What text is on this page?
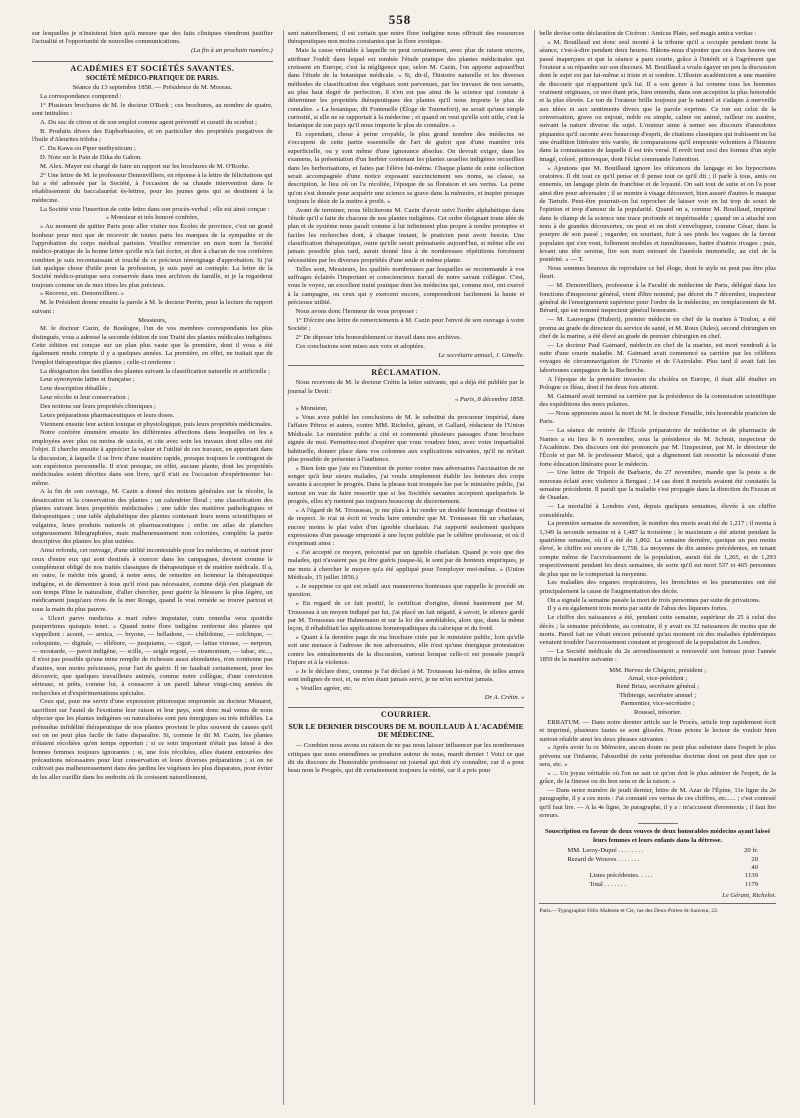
558

sur lesquelles je n'insisterai bien qu'à mesure que des faits cliniques viendront justifier l'actualité et l'opportunité de nouvelles communications.

(La fin à un prochain numéro.)

ACADÉMIES ET SOCIÉTÉS SAVANTES.
SOCIÉTÉ MÉDICO-PRATIQUE DE PARIS.

Séance du 13 septembre 1858. — Présidence de M. Moreau.

La correspondance comprend :

1° Plusieurs brochures de M. le docteur O'Rork ; ces brochures, au nombre de quatre, sont intitulées :

A. Du suc de citron et de son emploi comme agent préventif et curatif du scorbut ;

B. Produits divers des Euphorbiacées, et en particulier des propriétés purgatives de l'huile d'Aleurites triloba ;

C. Du Kawa ou Piper methysticum ;

D. Note sur le Pain de Dika du Gabon.

M. Alex. Mayer est chargé de faire un rapport sur les brochures de M. O'Rorke.

2° Une lettre de M. le professeur Denonvilliers, en réponse à la lettre de félicitations qui lui a été adressée par la Société, à l'occasion de sa chaude intervention dans le rétablissement du baccalauréat ès-lettres, pour les jeunes gens qui se destinent à la médecine.

La Société vote l'insertion de cette lettre dans son procès-verbal ; elle est ainsi conçue :

« Monsieur et très honoré confrère,

» Au moment de quitter Paris pour aller visiter nos Écoles de province, c'est un grand bonheur pour moi que de recevoir de toutes parts les marques de la sympathie et de l'approbation du corps médical parisien. Veuillez remercier en mon nom la Société médico-pratique de la bonne lettre qu'elle m'a fait écrire, et dire à chacun de vos confrères combien je suis reconnaissant et touché de ce précieux témoignage d'approbation. Si j'ai fait quelque chose d'utile pour la profession, je suis payé au centuple. La lettre de la Société médico-pratique sera conservée dans mes archives de famille, et je la regarderai toujours comme un de mes titres les plus précieux.

» Recevez, etc. Denonvilliers. »

M. le Président donne ensuite la parole à M. le docteur Perrin, pour la lecture du rapport suivant :

Messieurs,

M. le docteur Cazin, de Boulogne, l'un de vos membres correspondants les plus distingués, vous a adressé la seconde édition de son Traité des plantes médicales indigènes. Cette édition est conçue sur un plan plus vaste que la première, dont il vous a été également rendu compte il y a quelques années. La première, en effet, ne traitait que de l'emploi thérapeutique des plantes ; celle-ci renferme :

La désignation des familles des plantes suivant la classification naturelle et artificielle ;

Leur synonymie latine et française ;

Leur description détaillée ;

Leur récolte et leur conservation ;

Des notions sur leurs propriétés chimiques ;

Leurs préparations pharmaceutiques et leurs doses.

Viennent ensuite leur action toxique et physiologique, puis leurs propriétés médicinales.

Notre confrère énumère ensuite les différentes affections dans lesquelles on les a employées avec plus ou moins de succès, et cite avec soin les travaux dont elles ont été l'objet. Il cherche ensuite à apprécier la valeur et l'utilité de ces travaux, en apportant dans la discussion, à laquelle il se livre d'une manière rapide, presque toujours le contingent de son expérience personnelle. Il n'est presque, en effet, aucune plante, dont les propriétés médicinales soient décrites dans son livre, qu'il n'ait eu l'occasion d'expérimenter lui-même.

A la fin de son ouvrage, M. Cazin a donné des notions générales sur la récolte, la dessiccation et la conservation des plantes ; un calendrier floral ; une classification des plantes suivant leurs propriétés médicinales ; une table des matières pathologiques et thérapeutiques ; une table alphabétique des plantes contenant leurs noms scientifiques et vulgaires, leurs produits naturels et pharmaceutiques ; enfin un atlas de planches soigneusement lithographiées, mais malheureusement non coloriées, complète la partie descriptive des plantes les plus usitées.

Ainsi refondu, cet ouvrage, d'une utilité incontestable pour les médecins, et surtout pour ceux d'entre eux qui sont destinés à exercer dans les campagnes, devient comme le complément obligé de nos traités classiques de thérapeutique et de matière médicale. Il a, en outre, le mérite très grand, à notre sens, de remettre en honneur la thérapeutique indigène, et de démontrer à tous qu'il n'est pas nécessaire, comme déjà s'en plaignait de son temps Pline le naturaliste, d'aller chercher, pour guérir la blessure la plus légère, un médicament jusqu'aux rives de la mer Rouge, quand le vrai remède se trouve partout et sous la main du plus pauvre.

« Ulceri parvo medicina a mari rubro imputatur, cum remedia vera quotidie pauperrimus quisquis tenet. » Quand notre flore indigène renferme des plantes qui s'appellent : aconit, — arnica, — bryone, — belladone, — chélidoine, — colchique, — coloquinte, — digitale, — ellébore, — jusquiame, — ciguë, — laitue vireuse, — nerprun, — moutarde, — pavot indigène, — scille, — seigle ergoté, — stramonium, — tabac, etc..., il n'est pas possible qu'une mine remplie de richesses aussi abondantes, n'en contienne pas d'autres, non moins précieuses, pour l'art de guérir. Il ne faudrait certainement, pour les découvrir, que quelques travailleurs animés, comme notre collègue, d'une conviction sérieuse, et prêts, comme lui, à consacrer à un pareil labeur vingt-cinq années de recherches et d'expérimentations spéciales.

Ceux qui, pour me servir d'une expression pittoresque empruntée au docteur Munaret, sacrifient sur l'autel de l'exotisme leur raison et leur pays, sont donc mal venus de nous objecter que les plantes indigènes ou naturalisées sont peu énergiques ou très infidèles. La prétendue infidélité thérapeutique de nos plantes provient le plus souvent de causes qu'il est on ne peut plus facile de faire disparaître. Si, comme le dit M. Cazin, les plantes n'étaient récoltées qu'en temps opportun ; si ce soin important n'était pas laissé à des bonnes femmes toujours ignorantes ; si, une fois récoltées, elles étaient entourées des précautions nécessaires pour leur conservation et leurs diverses préparations ; si on ne cultivait pas malheureusement dans des jardins les végétaux les plus disparates, pour éviter de les aller cueillir dans les endroits où ils croissent naturellement,

sent naturellement, il est certain que notre flore indigène nous offrirait des ressources thérapeutiques non moins constantes que la flore exotique.

Mais la cause véritable à laquelle on peut certainement, avec plus de raison encore, attribuer l'oubli dans lequel est tombée l'étude pratique des plantes médicinales qui croissent en Europe, c'est la négligence que, selon M. Cazin, l'on apporte aujourd'hui dans l'étude de la botanique médicale. « Si, dit-il, l'histoire naturelle et les diverses méthodes de classification des végétaux sont parvenues, par les travaux de nos savants, au plus haut degré de perfection, il n'en est pas ainsi de la science qui consiste à déterminer les propriétés thérapeutiques des plantes qu'il nous importe le plus de connaître. » La botanique, dit Fontenelle (Éloge de Tournefort), ne serait qu'une simple curiosité, si elle ne se rapportait à la médecine ; et quand on veut qu'elle soit utile, c'est la botanique de son pays qu'il nous importe le plus de connaître. »

Et cependant, chose à peine croyable, le plus grand nombre des médecins ne s'occupent de cette partie essentielle de l'art de guérir que d'une manière très superficielle, ou y sont même d'une ignorance absolue. On devrait exiger, dans les examens, la présentation d'un herbier contenant les plantes usuelles indigènes recueillies dans les herborisations, et faites par l'élève lui-même. Chaque plante de cette collection serait accompagnée d'une notice exposant succinctement ses noms, sa classe, sa description, le lieu où on l'a récoltée, l'époque de sa floraison et ses vertus. La peine qu'on s'est donnée pour acquérir une science se grave dans la mémoire, et inspire presque toujours le désir de la mettre à profit. »

Avant de terminer, nous féliciterons M. Cazin d'avoir suivi l'ordre alphabétique dans l'étude qu'il a faite de chacune de nos plantes indigènes. Cet ordre éloignant toute idée de plan et de système nous paraît comme à lui infiniment plus propre à rendre promptes et faciles les recherches dont, à chaque instant, le praticien peut avoir besoin. Une classification thérapeutique, outre qu'elle serait prématurée aujourd'hui, si même elle est jamais possible plus tard, aurait donné lieu à de nombreuses répétitions forcément nécessitées par les diverses propriétés d'une seule et même plante.

Telles sont, Messieurs, les qualités nombreuses par lesquelles se recommande à vos suffrages éclairés l'important et consciencieux travail de notre savant collègue. C'est, vous le voyez, un excellent traité pratique dont les médecins qui, comme moi, ont exercé à la campagne, ou ceux qui y exercent encore, comprendront facilement la haute et précieuse utilité.

Nous avons donc l'honneur de vous proposer :

1° D'écrire une lettre de remerciements à M. Cazin pour l'envoi de son ouvrage à votre Société ;

2° De déposer très honorablement ce travail dans nos archives.

Ces conclusions sont mises aux voix et adoptées.

Le secrétaire annuel, J. Gimelle.

RÉCLAMATION.

Nous recevons de M. le docteur Crétin la lettre suivante, qui a déjà été publiée par le journal le Droit :

« Paris, 8 décembre 1858.

» Monsieur,

» Vous avez publié les conclusions de M. le substitut du procureur impérial, dans l'affaire Pétroz et autres, contre MM. Richelot, gérant, et Gallard, rédacteur de l'Union Médicale. Le ministère public a cité et commenté plusieurs passages d'une brochure signée de moi. Permettez-moi d'espérer que vous voudrez bien, avec votre impartialité habituelle, donner place dans vos colonnes aux explications suivantes, qu'il ne m'était plus possible de présenter à l'audience.

» Bien loin que j'aie eu l'intention de porter contre mes adversaires l'accusation de ne songer qu'à leur sieurs malades, j'ai voulu simplement établir les lenteurs des corps savants à accepter le progrès. Dans la phrase tout tronquée lue par le ministère public, j'ai surtout en vue de faire ressortir que si les Sociétés savantes acceptent quelquefois le progrès, elles n'y mettent pas toujours beaucoup de discernement.

» A l'égard de M. Trousseau, je me plais à lui rendre un double hommage d'estime et de respect. Je n'ai ni écrit ni voulu faire entendre que M. Trousseau fût un charlatan, encore moins le plat valet d'un ignoble charlatan. J'ai rapporté seulement quelques expressions d'un passage emprunté à une leçon publiée par le célèbre professeur, et où il s'exprimait ainsi :

« J'ai accepté ce moyen, préconisé par un ignoble charlatan. Quand je vois que des malades, qui n'avaient pas pu être guéris jusque-là, le sont par de honteux empiriques, je me mets à chercher le moyen qu'a été appliqué pour l'employer moi-même. » (Union Médicale, 15 juillet 1856.)

» Je supprime ce qui est relatif aux manœuvres honteuses que rappelle le procédé en question.

» En regard de ce fait positif, le certificat d'origine, donné hautement par M. Trousseau à un moyen indiqué par lui, j'ai placé un fait négatif, à savoir, le silence gardé par M. Trousseau sur Hahnemann et sur la loi des semblables, alors que, dans la même leçon, il réhabilitait les applications homœopathiques du calorique et du froid.

» Quant à la dernière page de ma brochure citée par le ministère public, loin qu'elle soit une menace à l'adresse de nos adversaires, elle n'est qu'une énergique protestation contre les entraînements de la discussion, surtout lorsque celle-ci est poussée jusqu'à l'injure et à la violence.

» Je le déclare donc, comme je l'ai déclaré à M. Trousseau lui-même, de telles armes sont indignes de moi, et, ne m'en étant jamais servi, je ne m'en servirai jamais.

» Veuillez agréer, etc.

Dr A. Crétin. »

COURRIER.
SUR LE DERNIER DISCOURS DE M. BOUILLAUD À L'ACADÉMIE DE MÉDECINE.

— Combien nous avons eu raison de ne pas nous laisser influencer par les nombreuses critiques que nous entendîmes se produire autour de nous, mardi dernier ! Voici ce que dit du discours de l'honorable professeur un journal qui doit s'y connaître, car il a pour beau nom le Progrès, qui dit certainement toujours la vérité, car il a pris pour

belle devise cette déclaration de Cicéron : Amicus Plato, sed magis amica veritas :

« M. Bouillaud est donc seul monté à la tribune qu'il a occupée pendant toute la séance, c'est-à-dire pendant deux heures. Hâtons-nous d'ajouter que ces deux heures ont passé inaperçues et que la séance a paru courte, grâce à l'intérêt et à l'agrément que l'orateur a su répandre sur son discours. M. Bouillaud a voulu égayer un peu la discussion dont le sujet est par lui-même si triste et si sombre. L'illustre académicien a une manière de discourir qui n'appartient qu'à lui. Il a son genre à lui comme tous les hommes vraiment originaux, ce mot étant pris, bien entendu, dans son acception la plus honorable et la plus élevée. Le ton de l'orateur brille toujours par le naturel et s'adapte à merveille aux idées et aux sentiments divers que la parole exprime. Ce ton est celui de la conversation, grave ou enjoué, noble ou simple, calme ou animé, railleur ou austère, suivant la nature diverse du sujet. L'orateur aime à semer ses discours d'anecdotes piquantes qu'il raconte avec beaucoup d'esprit, de citations classiques qui trahissent en lui une érudition littéraire très variée, de comparaisons qu'il emprunte volontiers à l'histoire dans la connaissance de laquelle il est très versé. Il revêt tout ceci des formes d'un style imagé, coloré, pittoresque, dont l'éclat commande l'attention.

« Ajoutons que M. Bouillaud ignore les réticences du langage et les hypocrisies oratoires. Il dit tout ce qu'il pense et il pense tout ce qu'il dit ; il parle à tous, amis ou ennemis, un langage plein de franchise et de loyauté. On sait tout de suite et on l'a pour ainsi dire pour adversaire ; il se montre à visage découvert, bien assuré d'autres le masque de Tartufe. Peut-être pourrait-on lui reprocher de laisser voir en lui trop de souci de l'opinion et trop d'amour de la popularité. Quand on a, comme M. Bouillaud, imprimé dans le champ de la science une trace profonde et impérissable ; quand on a attaché son nom à de grandes découvertes, on peut et on doit s'envelopper, comme César, dans la pourpre de son passé ; regarder, en souriant, fuir à ses pieds les vagues de la faveur populaire qui s'en vont, follement mobiles et tumultueuses, battre d'autres rivages ; puis, levant une tête sereine, lire son nom entouré de l'auréole immortelle, au ciel de la postérité. » — T.

Nous sommes heureux de reproduire ce bel éloge, dont le style ne peut pas être plus fleuri.

— M. Denonvilliers, professeur à la Faculté de médecine de Paris, délégué dans les fonctions d'inspecteur général, vient d'être nommé, par décret du 7 décembre, inspecteur général de l'enseignement supérieur pour l'ordre de la médecine, en remplacement de M. Bérard, qui est nommé inspecteur général honoraire.

— M. Lauvergne (Hubert), premier médecin en chef de la marine à Toulon, a été promu au grade de directeur du service de santé, et M. Roux (Jules), second chirurgien en chef de la marine, a été élevé au grade de premier chirurgien en chef.

— Le docteur Paul Gaimard, médecin en chef de la marine, est mort vendredi à la suite d'une courte maladie. M. Gaimard avait commencé sa carrière par les célèbres voyages de circumnavigation de l'Uranie et de l'Astrolabe. Plus tard il avait fait les laborieuses campagnes de la Recherche.

A l'époque de la première invasion du choléra en Europe, il était allé étudier en Pologne ce fléau, dont il fut deux fois atteint.

M. Gaimard avait terminé sa carrière par la présidence de la commission scientifique des expéditions des mers polaires.

— Nous apprenons aussi la mort de M. le docteur Fenaille, très honorable praticien de Paris.

— La séance de rentrée de l'École préparatoire de médecine et de pharmacie de Nantes a eu lieu le 6 novembre, sous la présidence de M. Schmit, inspecteur de l'Académie. Des discours ont été prononcés par M. l'inspecteur, par M. le directeur de l'École et par M. le professeur Marcé, qui a dignement fait ressortir la nécessité d'une forte éducation littéraire pour le médecin.

— Une lettre de Tripoli de Barbarie, du 27 novembre, mande que la peste a de nouveau éclaté avec violence à Bengasi ; 14 cas dont 8 mortels avaient été constatés la semaine précédente. Il paraît que la maladie s'est propagée dans la direction du Fezzan et de Ouadan.

— La mortalité à Londres s'est, depuis quelques semaines, élevée à un chiffre considérable.

La première semaine de novembre, le nombre des morts avait été de 1,217 ; il monta à 1,349 la seconde semaine et à 1,487 la troisième ; le maximum a été atteint pendant la quatrième semaine, où il a été de 1,802. La semaine dernière, quoique un peu moins élevé, le chiffre est encore de 1,758. La moyenne de dix années précédentes, en tenant compte même de l'accroissement de la population, aurait été de 1,265, et de 1,293 respectivement pendant les deux semaines, de sorte qu'il est mort 537 et 465 personnes de plus que ne le comportait la moyenne.

Les maladies des organes respiratoires, les bronchites et les pneumonies ont été principalement la cause de l'augmentation des décès.

On a signalé la semaine passée la mort de trois personnes par suite de privations.

Il y a eu également trois morts par suite de l'abus des liqueurs fortes.

Le chiffre des naissances a été, pendant cette semaine, supérieur de 25 à celui des décès ; la semaine précédente, au contraire, il y avait eu 32 naissances de moins que de morts. Pareil fait ne s'était encore présenté qu'au moment où des maladies épidémiques venaient troubler l'accroissement constant et progressif de la population de Londres.

— La Société médicale du 2e arrondissement a renouvelé son bureau pour l'année 1859 de la manière suivante :

MM. Hervez de Chégoin, président ;
Arnal, vice-président ;
René Briau, secrétaire général ;
Thibierge, secrétaire annuel ;
Parmentier, vice-secrétaire ;
Roussel, trésorier.

ERRATUM. — Dans notre dernier article sur le Procès, article trop rapidement écrit et imprimé, plusieurs fautes se sont glissées. Nous prions le lecteur de vouloir bien surtout rétablir ainsi les deux phrases suivantes :

« Après avoir lu ce Mémoire, aucun doute ne peut plus subsister dans l'esprit le plus prévenu sur l'infamie, l'absurdité de cette prétendue doctrine dont on peut dire que ce sera, etc. »

« ... Un joyau véritable où l'on ne sait ce qu'on doit le plus admirer de l'esprit, de la grâce, de la finesse ou du bon sens et de la raison. »

— Dans notre numéro de jeudi dernier, lettre de M. Azar de l'Épine, 11e ligne du 2e paragraphe, il y a ces mots : J'ai constaté ces vertus de ces chiffres, etc...... ; c'est contesté qu'il faut lire. — A la 4e ligne, 3e paragraphe, il y a : m'accusent d'errements ; il faut lire erreurs.

Souscription en faveur de deux veuves de deux honorables médecins ayant laissé leurs femmes et leurs enfants dans la détresse.
MM. Leroy-Dupré . . . . . . . .	20 fr.
Rezard de Wouves . . . . . . .	20
40
Listes précédentes. . . . .	1139
Total . . . . . . .	1179
Le Gérant, Richelot.
Paris.—Typographie Félix Malteste et Cie, rue des Deux-Portes-St-Sauveur, 22.
